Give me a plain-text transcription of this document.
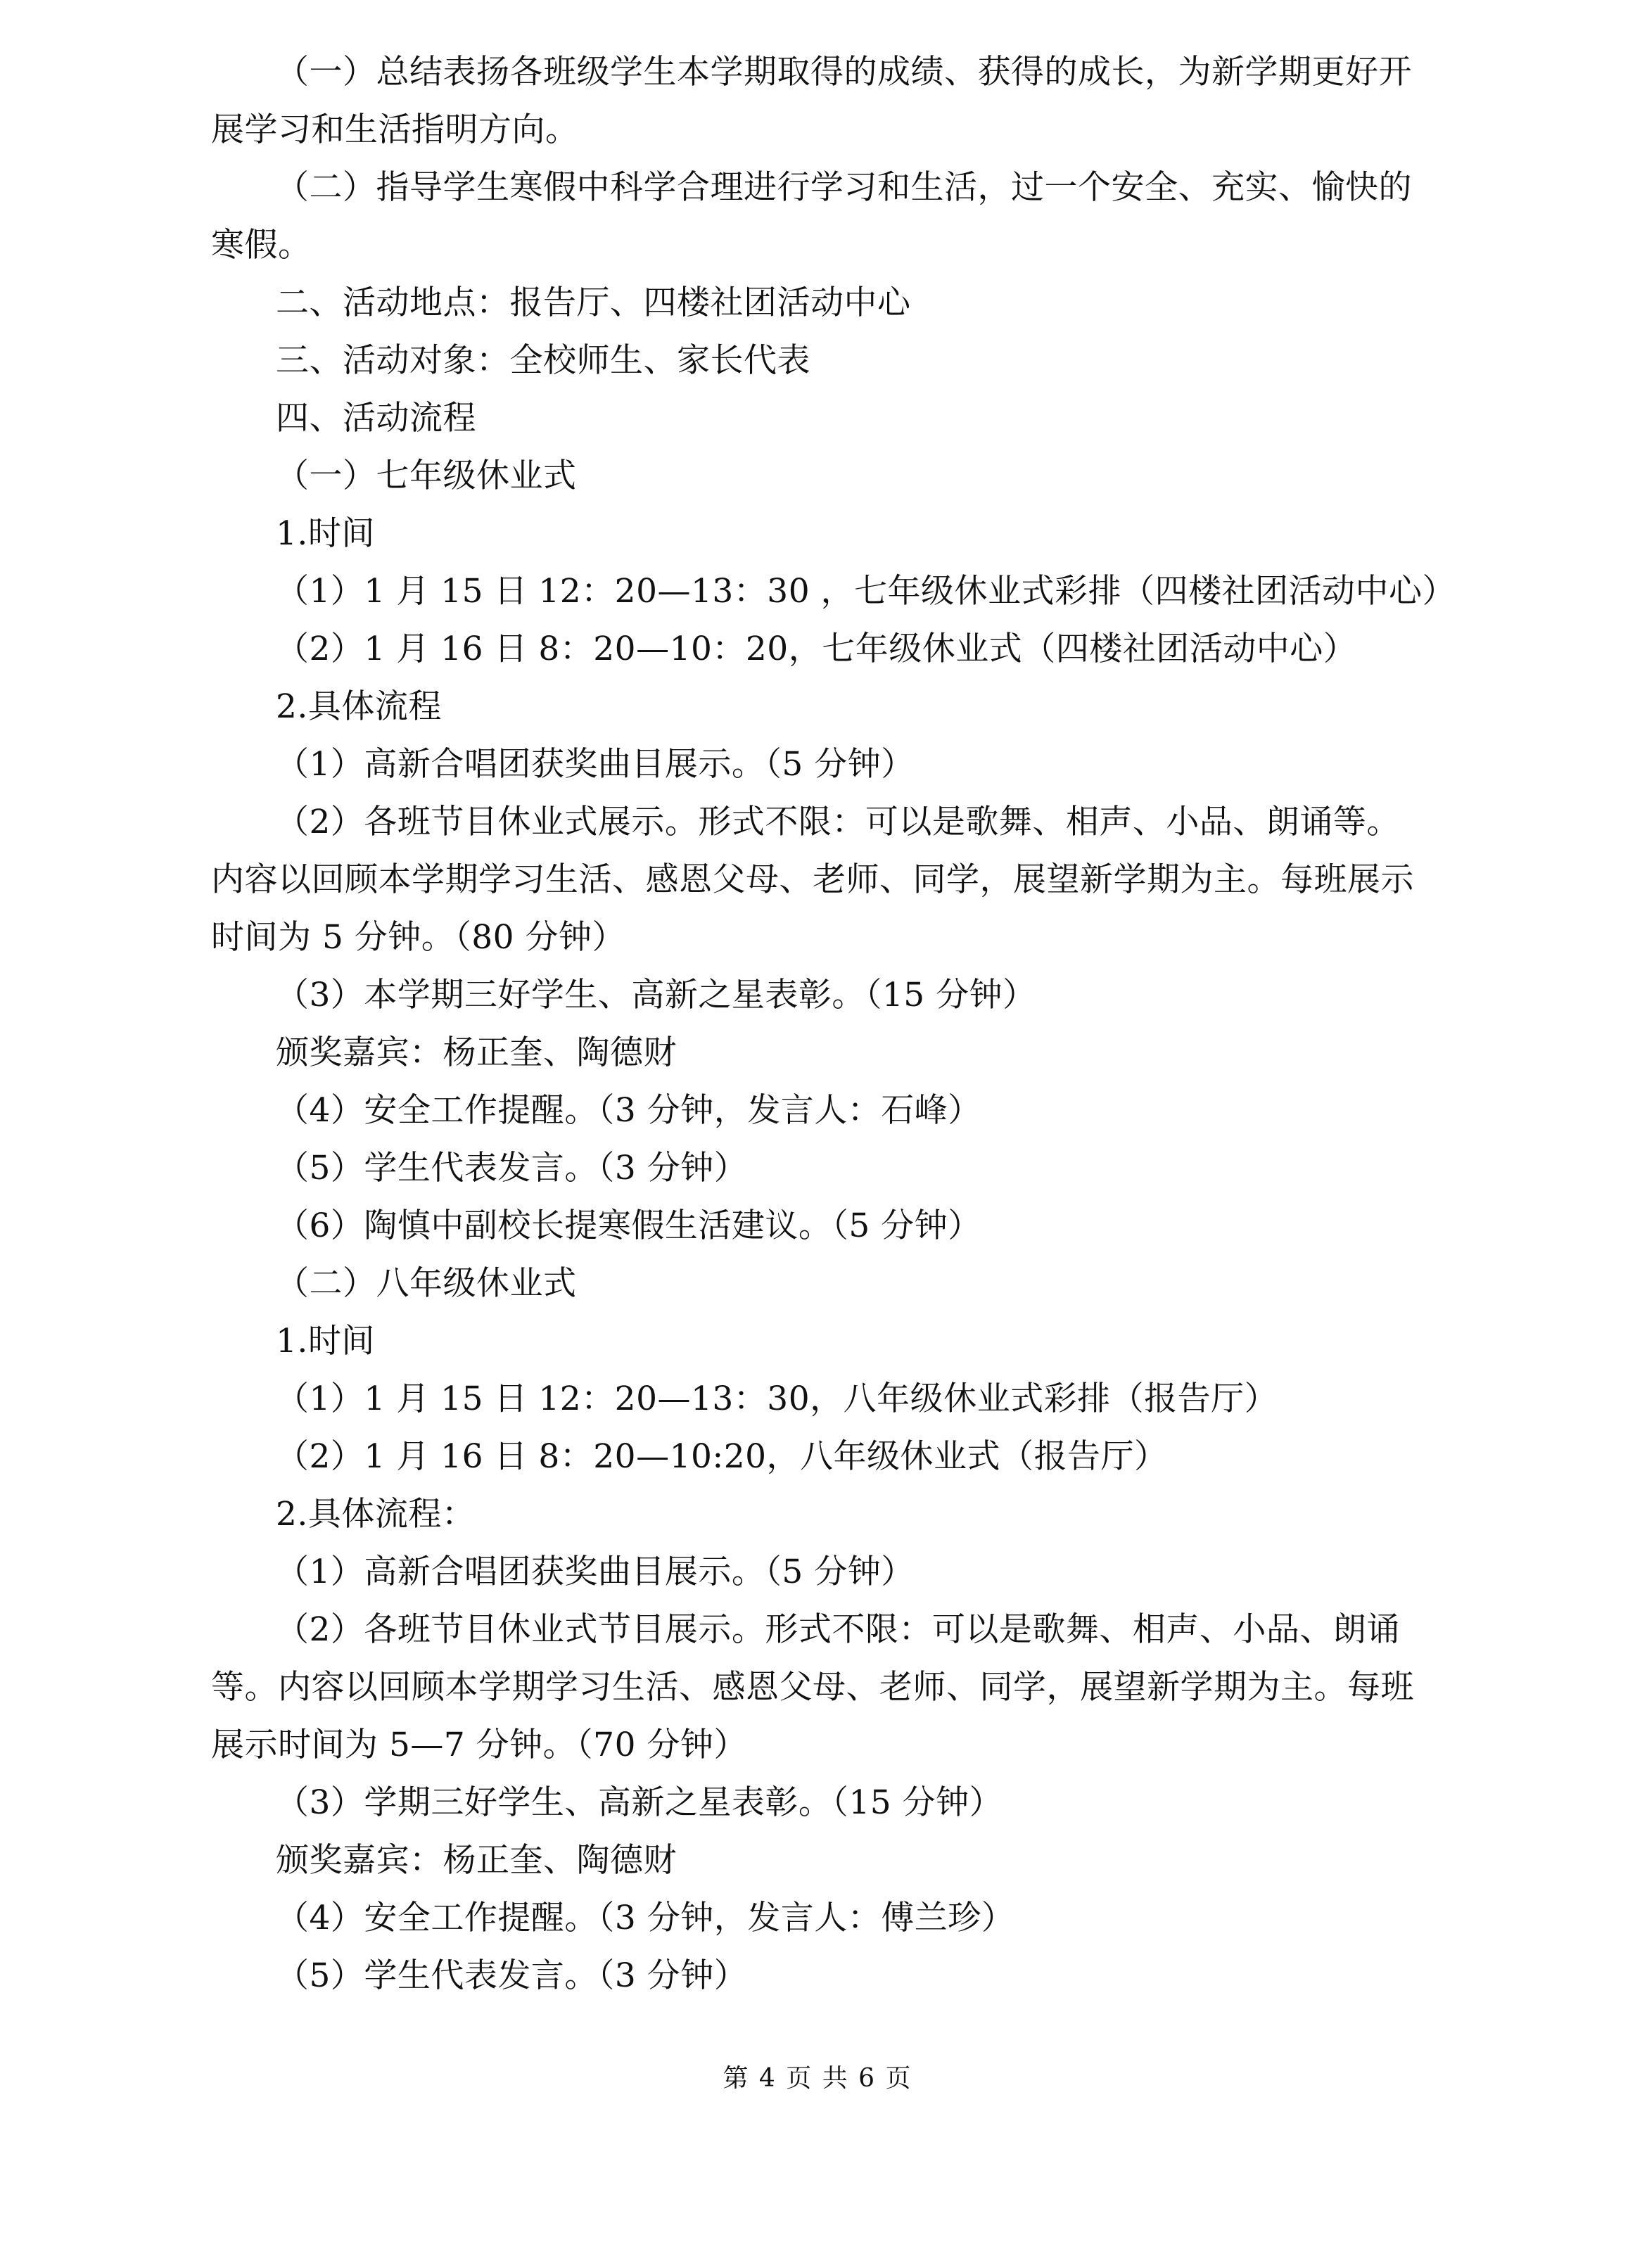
（一）总结表扬各班级学生本学期取得的成绩、获得的成长，为新学期更好开
展学习和生活指明方向。
（二）指导学生寒假中科学合理进行学习和生活，过一个安全、充实、愉快的
寒假。
二、活动地点：报告厅、四楼社团活动中心
三、活动对象：全校师生、家长代表
四、活动流程
（一）七年级休业式
1.时间
（1）1 月 15 日 12：20—13：30 ，七年级休业式彩排（四楼社团活动中心）
（2）1 月 16 日 8：20—10：20，七年级休业式（四楼社团活动中心）
2.具体流程
（1）高新合唱团获奖曲目展示。（5 分钟）
（2）各班节目休业式展示。形式不限：可以是歌舞、相声、小品、朗诵等。
内容以回顾本学期学习生活、感恩父母、老师、同学，展望新学期为主。每班展示
时间为 5 分钟。（80 分钟）
（3）本学期三好学生、高新之星表彰。（15 分钟）
颁奖嘉宾：杨正奎、陶德财
（4）安全工作提醒。（3 分钟，发言人：石峰）
（5）学生代表发言。（3 分钟）
（6）陶慎中副校长提寒假生活建议。（5 分钟）
（二）八年级休业式
1.时间
（1）1 月 15 日 12：20—13：30，八年级休业式彩排（报告厅）
（2）1 月 16 日 8：20—10:20，八年级休业式（报告厅）
2.具体流程：
（1）高新合唱团获奖曲目展示。（5 分钟）
（2）各班节目休业式节目展示。形式不限：可以是歌舞、相声、小品、朗诵
等。内容以回顾本学期学习生活、感恩父母、老师、同学，展望新学期为主。每班
展示时间为 5—7 分钟。（70 分钟）
（3）学期三好学生、高新之星表彰。（15 分钟）
颁奖嘉宾：杨正奎、陶德财
（4）安全工作提醒。（3 分钟，发言人：傅兰珍）
（5）学生代表发言。（3 分钟）
第 4 页 共 6 页
